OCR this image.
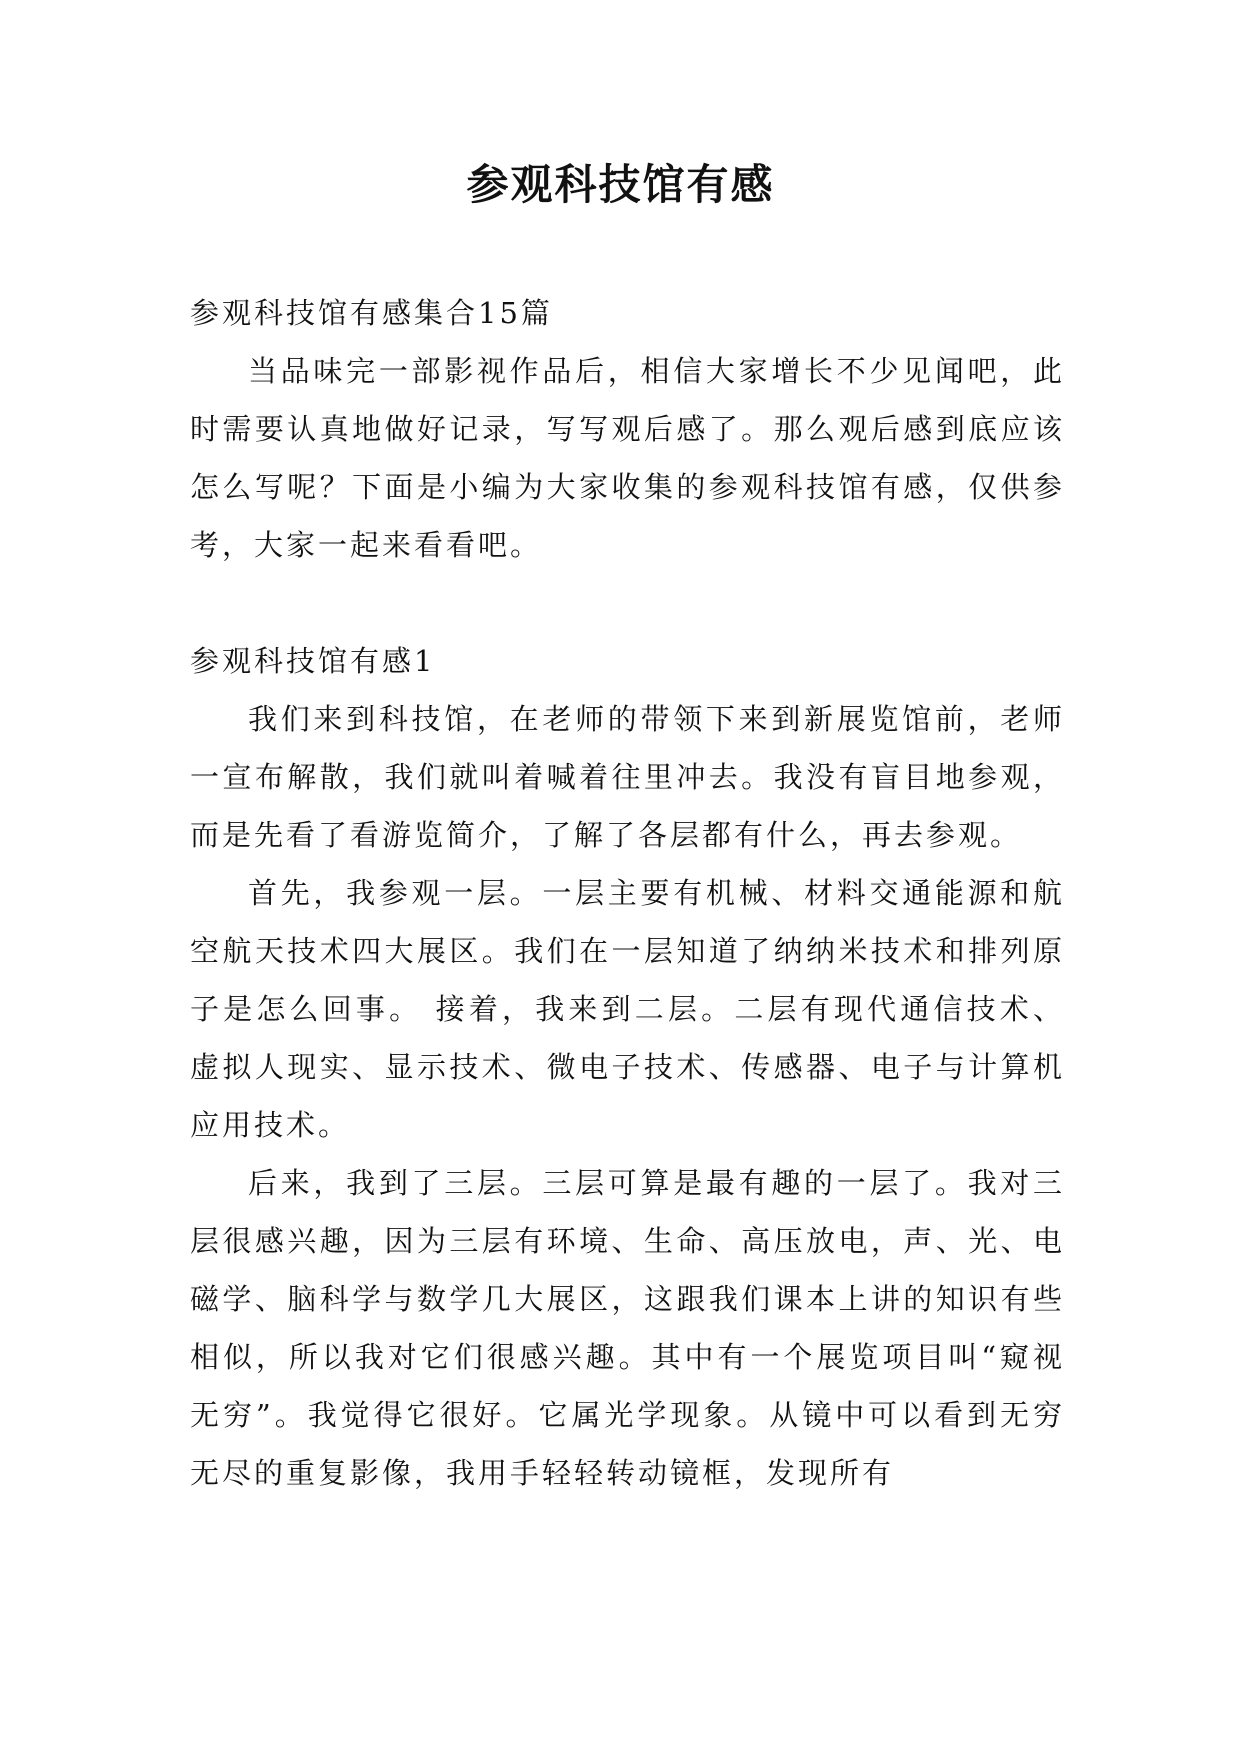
参观科技馆有感

参观科技馆有感集合15篇

当品味完一部影视作品后，相信大家增长不少见闻吧，此时需要认真地做好记录，写写观后感了。那么观后感到底应该怎么写呢？下面是小编为大家收集的参观科技馆有感，仅供参考，大家一起来看看吧。

参观科技馆有感1

我们来到科技馆，在老师的带领下来到新展览馆前，老师一宣布解散，我们就叫着喊着往里冲去。我没有盲目地参观，而是先看了看游览简介，了解了各层都有什么，再去参观。

首先，我参观一层。一层主要有机械、材料交通能源和航空航天技术四大展区。我们在一层知道了纳纳米技术和排列原子是怎么回事。 接着，我来到二层。二层有现代通信技术、虚拟人现实、显示技术、微电子技术、传感器、电子与计算机应用技术。

后来，我到了三层。三层可算是最有趣的一层了。我对三层很感兴趣，因为三层有环境、生命、高压放电，声、光、电磁学、脑科学与数学几大展区，这跟我们课本上讲的知识有些相似，所以我对它们很感兴趣。其中有一个展览项目叫“窥视无穷”。我觉得它很好。它属光学现象。从镜中可以看到无穷无尽的重复影像，我用手轻轻转动镜框，发现所有
